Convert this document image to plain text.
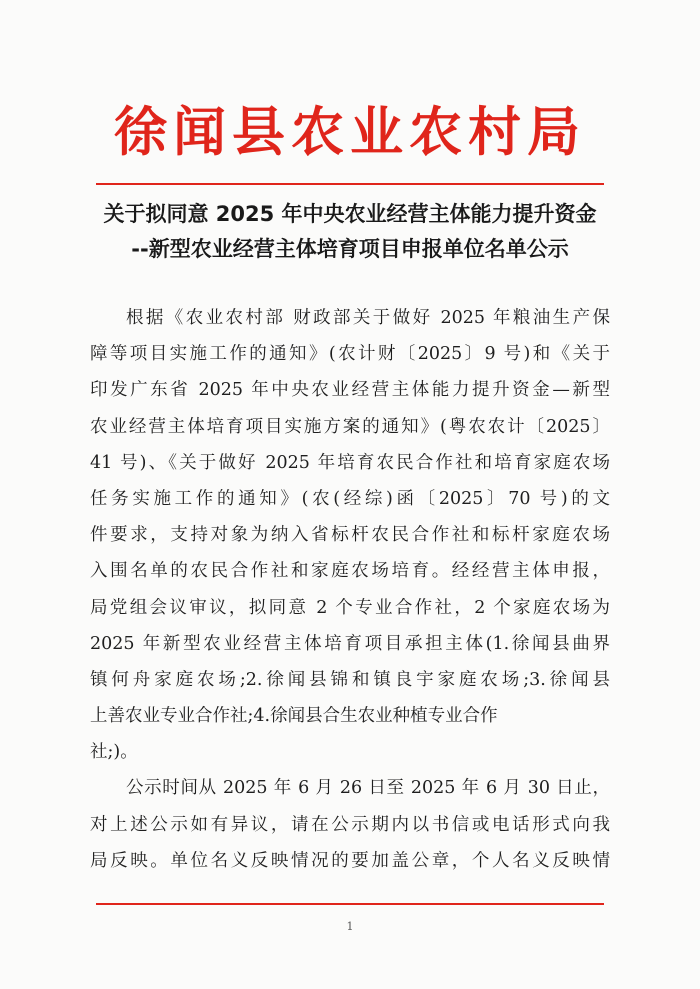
徐闻县农业农村局
关于拟同意 2025 年中央农业经营主体能力提升资金
--新型农业经营主体培育项目申报单位名单公示
根据《农业农村部 财政部关于做好 2025 年粮油生产保
障等项目实施工作的通知》(农计财〔2025〕9 号)和《关于
印发广东省 2025 年中央农业经营主体能力提升资金—新型
农业经营主体培育项目实施方案的通知》(粤农农计〔2025〕
41 号)、《关于做好 2025 年培育农民合作社和培育家庭农场
任务实施工作的通知》(农(经综)函〔2025〕70 号)的文
件要求，支持对象为纳入省标杆农民合作社和标杆家庭农场
入围名单的农民合作社和家庭农场培育。经经营主体申报，
局党组会议审议，拟同意 2 个专业合作社，2 个家庭农场为
2025 年新型农业经营主体培育项目承担主体(1.徐闻县曲界
镇何舟家庭农场;2.徐闻县锦和镇良宇家庭农场;3.徐闻县
上善农业专业合作社;4.徐闻县合生农业种植专业合作
社;)。
公示时间从 2025 年 6 月 26 日至 2025 年 6 月 30 日止，
对上述公示如有异议，请在公示期内以书信或电话形式向我
局反映。单位名义反映情况的要加盖公章，个人名义反映情
1
